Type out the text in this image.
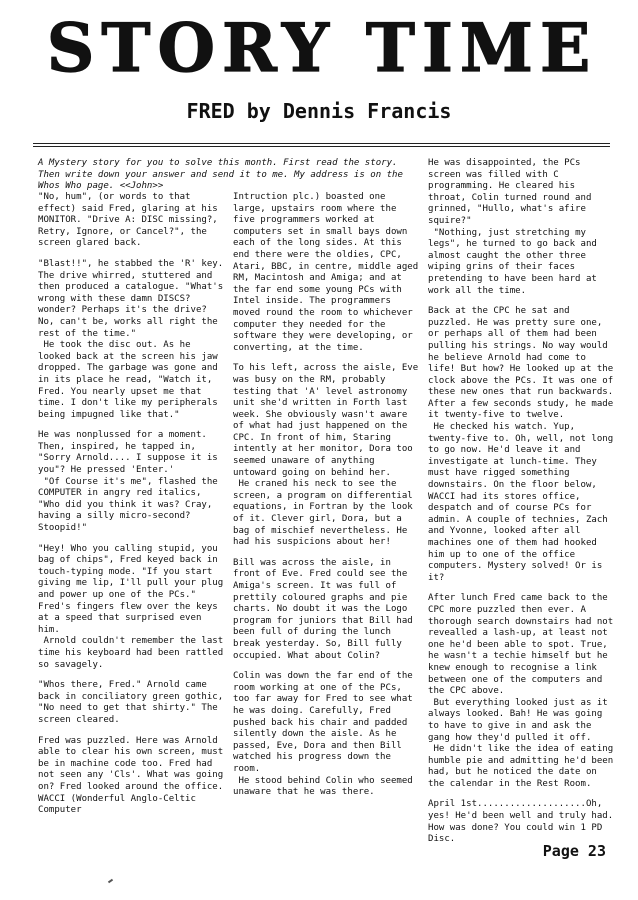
STORY TIME
FRED by Dennis Francis
A Mystery story for you to solve this month. First read the story. Then write down your answer and send it to me. My address is on the Whos Who page. <<John>>

"No, hum", (or words to that effect) said Fred, glaring at his MONITOR. "Drive A: DISC missing?, Retry, Ignore, or Cancel?", the screen glared back.

"Blast!!", he stabbed the 'R' key. The drive whirred, stuttered and then produced a catalogue. "What's wrong with these damn DISCS? wonder? Perhaps it's the drive? No, can't be, works all right the rest of the time."
He took the disc out. As he looked back at the screen his jaw dropped. The garbage was gone and in its place he read, "Watch it, Fred. You nearly upset me that time. I don't like my peripherals being impugned like that."

He was nonplussed for a moment. Then, inspired, he tapped in, "Sorry Arnold.... I suppose it is you"? He pressed 'Enter.'
"Of Course it's me", flashed the COMPUTER in angry red italics, "Who did you think it was? Cray, having a silly micro-second? Stoopid!"

"Hey! Who you calling stupid, you bag of chips", Fred keyed back in touch-typing mode. "If you start giving me lip, I'll pull your plug and power up one of the PCs." Fred's fingers flew over the keys at a speed that surprised even him.
Arnold couldn't remember the last time his keyboard had been rattled so savagely.

"Whos there, Fred." Arnold came back in conciliatory green gothic, "No need to get that shirty." The screen cleared.

Fred was puzzled. Here was Arnold able to clear his own screen, must be in machine code too. Fred had not seen any 'Cls'. What was going on? Fred looked around the office. WACCI (Wonderful Anglo-Celtic Computer

Intruction plc.) boasted one large, upstairs room where the five programmers worked at computers set in small bays down each of the long sides. At this end there were the oldies, CPC, Atari, BBC, in centre, middle aged RM, Macintosh and Amiga; and at the far end some young PCs with Intel inside. The programmers moved round the room to whichever computer they needed for the software they were developing, or converting, at the time.

To his left, across the aisle, Eve was busy on the RM, probably testing that 'A' level astronomy unit she'd written in Forth last week. She obviously wasn't aware of what had just happened on the CPC. In front of him, Staring intently at her monitor, Dora too seemed unaware of anything untoward going on behind her.
He craned his neck to see the screen, a program on differential equations, in Fortran by the look of it. Clever girl, Dora, but a bag of mischief nevertheless. He had his suspicions about her!

Bill was across the aisle, in front of Eve. Fred could see the Amiga's screen. It was full of prettily coloured graphs and pie charts. No doubt it was the Logo program for juniors that Bill had been full of during the lunch break yesterday. So, Bill fully occupied. What about Colin?

Colin was down the far end of the room working at one of the PCs, too far away for Fred to see what he was doing. Carefully, Fred pushed back his chair and padded silently down the aisle. As he passed, Eve, Dora and then Bill watched his progress down the room.
He stood behind Colin who seemed unaware that he was there.

He was disappointed, the PCs screen was filled with C programming. He cleared his throat, Colin turned round and grinned, "Hullo, what's afire squire?"
"Nothing, just stretching my legs", he turned to go back and almost caught the other three wiping grins of their faces pretending to have been hard at work all the time.

Back at the CPC he sat and puzzled. He was pretty sure one, or perhaps all of them had been pulling his strings. No way would he believe Arnold had come to life! But how? He looked up at the clock above the PCs. It was one of these new ones that run backwards. After a few seconds study, he made it twenty-five to twelve.
He checked his watch. Yup, twenty-five to. Oh, well, not long to go now. He'd leave it and investigate at lunch-time. They must have rigged something downstairs. On the floor below, WACCI had its stores office, despatch and of course PCs for admin. A couple of technies, Zach and Yvonne, looked after all machines one of them had hooked him up to one of the office computers. Mystery solved! Or is it?

After lunch Fred came back to the CPC more puzzled then ever. A thorough search downstairs had not revealled a lash-up, at least not one he'd been able to spot. True, he wasn't a techie himself but he knew enough to recognise a link between one of the computers and the CPC above.
But everything looked just as it always looked. Bah! He was going to have to give in and ask the gang how they'd pulled it off.
He didn't like the idea of eating humble pie and admitting he'd been had, but he noticed the date on the calendar in the Rest Room.

April 1st....................Oh, yes! He'd been well and truly had. How was done? You could win 1 PD Disc.

Page 23
